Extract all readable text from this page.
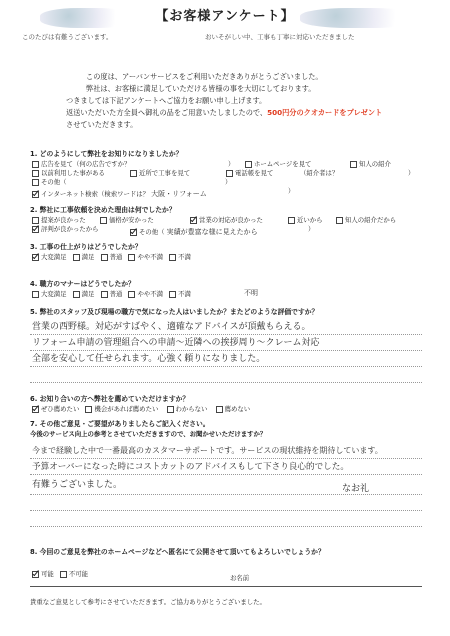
【お客様アンケート】
このたびは有難うございます。	おいそがしい中、工事も丁寧に対応いただきました
この度は、アーバンサービスをご利用いただきありがとうございました。
弊社は、お客様に満足していただける皆様の事を大切にしております。
つきましては下記アンケートへご協力をお願い申し上げます。
返送いただいた方全員へ御礼の品をご用意いたしましたので、500円分のクオカードをプレゼント
させていただきます。
1. どのようにして弊社をお知りになりましたか？
広告を見て（何の広告ですか？	）	ホームページを見て	知人の紹介
以前利用した事がある	近所で工事を見て	電話帳を見て	（紹介者は？	）
その他（	）
インターネット検索（検索ワードは？ 大阪・リフォーム	）
2. 弊社に工事依頼を決めた理由は何でしたか？
提案が良かった	価格が安かった	営業の対応が良かった	近いから	知人の紹介だから
評判が良かったから	その他（ 実績が豊富な様に見えたから	）
3. 工事の仕上がりはどうでしたか？
大変満足 満足 普通 やや不満 不満
4. 職方のマナーはどうでしたか？
大変満足 満足 普通 やや不満 不満	不明
5. 弊社のスタッフ及び現場の職方で気になった人はいましたか？またどのような評価ですか？
営業の西野様。対応がすばやく、適確なアドバイスが頂戴もらえる。
リフォーム申請の管理組合への申請〜近隣への挨拶周り〜クレーム対応
全部を安心して任せられます。心強く頼りになりました。
6. お知り合いの方へ弊社を薦めていただけますか？
ぜひ薦めたい 機会があれば薦めたい	わからない	薦めない
7. その他ご意見・ご要望がありましたらご記入ください。
今後のサービス向上の参考とさせていただきますので、お聞かせいただけますか？
今まで経験した中で一番最高のカスタマーサポートです。サービスの現状維持を期待しています。
予算オーバーになった時にコストカットのアドバイスもして下さり良心的でした。
有難うございました。	なお礼
8. 今回のご意見を弊社のホームページなどへ匿名にて公開させて頂いてもよろしいでしょうか？
可能 不可能	お名前
貴重なご意見として参考にさせていただきます。ご協力ありがとうございました。
